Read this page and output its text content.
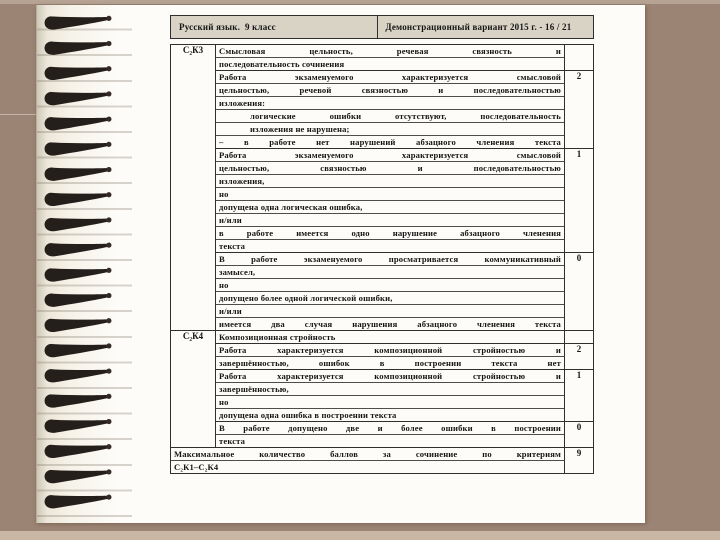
Русский язык.  9 класс	Демонстрационный вариант 2015 г. - 16 / 21
С₂К3	Смысловая цельность, речевая связность и
последовательность сочинения	

Работа экзаменуемого характеризуется смысловой
цельностью, речевой связностью и последовательностью
изложения:
логические ошибки отсутствуют, последовательность
изложения не нарушена;
– в работе нет нарушений абзацного членения текста
	2

Работа экзаменуемого характеризуется смысловой
цельностью, связностью и последовательностью
изложения,
но
допущена одна логическая ошибка,
и/или
в работе имеется одно нарушение абзацного членения
текста
	1

В работе экзаменуемого просматривается коммуникативный
замысел,
но
допущено более одной логической ошибки,
и/или
имеется два случая нарушения абзацного членения текста
	0
С₂К4	Композиционная стройность	

	Работа характеризуется композиционной стройностью и
завершённостью, ошибок в построении текста нет	2

	Работа характеризуется композиционной стройностью и
завершённостью,
но
допущена одна ошибка в построении текста	1

	В работе допущено две и более ошибки в построении
текста	0

Максимальное количество баллов за сочинение по критериям
С₂К1–С₂К4		9
